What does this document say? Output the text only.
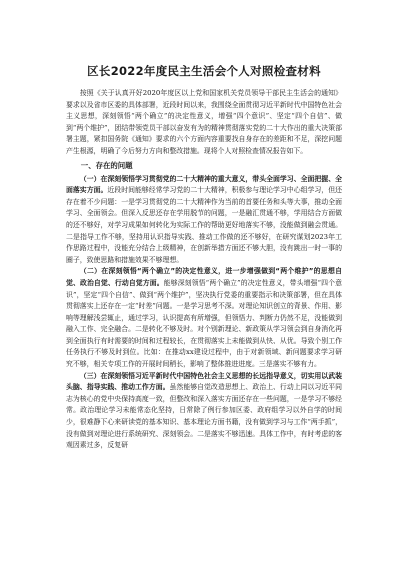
区长2022年度民主生活会个人对照检查材料

按照《关于认真开好2020年度区以上党和国家机关党员领导干部民主生活会的通知》要求以及省市区委的具体部署，近段时间以来，我围绕全面贯彻习近平新时代中国特色社会主义思想，深刻领悟“两个确立”的决定性意义，增强“四个意识”、坚定“四个自信”、做到“两个维护”，团结带领党员干部以奋发有为的精神贯彻落实党的二十大作出的重大决策部署主题，紧扣国务院《通知》要求的六个方面内容重要找自身存在的差距和不足，深挖问题产生根源，明确了今后努力方向和整改措施。现将个人对照检查情况报告如下。

一、存在的问题

（一）在深刻领悟学习贯彻党的二十大精神的重大意义，带头全面学习、全面把握、全面落实方面。近段时间能够经常学习党的二十大精神，积极参与理论学习中心组学习，但还存在着不少问题：一是学习贯彻党的二十大精神作为当前的首要任务和头等大事，推动全面学习、全面领会。但深入反思还存在学用脱节的问题，一是融汇贯通不够，学用结合方面做的还不够好，对学习成果如何转化为实际工作的帮助更好地落实不够，没能做到融会贯通。二是指导工作不够，坚持用认识指导实践、推动工作做的还不够好，在研究谋划2023年工作思路过程中，没能充分结合上级精神，在创新举措方面还不够大胆，没有跳出一时一事的圈子，致使思路和措施效果不够理想。

（二）在深刻领悟“两个确立”的决定性意义，进一步增强做到“两个维护”的思想自觉、政治自觉、行动自觉方面。能够深刻领悟“两个确立”的决定性意义，带头增强“四个意识”，坚定“四个自信”、做到“两个维护”，坚决执行党委的重要指示和决策部署，但在具体贯彻落实上还存在一定“时差”问题。一是学习思考不深。对理论知识创立的背景、作用、影响等理解浅尝辄止，通过学习，认识提高有所增强，但领悟力、判断力仍然不足，没能做到融入工作、完全融合。二是转化不够及时。对个别新理论、新政策从学习领会到自身消化再到全面执行有时需要的时间和过程较长，在贯彻落实上未能做到从快、从优。导致个别工作任务执行不够及时到位。比如：在推动xx建设过程中，由于对新领域、新问题要求学习研究不够，相关专项工作的开展时间稍长，影响了整体推进进度。三是落实不够有力。

（三）在深刻领悟习近平新时代中国特色社会主义思想的长远指导意义，切实用以武装头脑、指导实践、推动工作方面。虽然能够自觉改造思想上、政治上、行动上同以习近平同志为核心的党中央保持高度一致，但整改和深入落实方面还存在一些问题，一是学习不够经常。政治理论学习未能常态化坚持，日常除了例行参加区委、政府组学习以外自学的时间少，很难静下心来研读党的基本知识、基本理论方面书籍，没有做到学习与工作“两手抓”，没有做到对理论进行系统研究、深刻领会。二是落实不够迅速。具体工作中，有时考虑的客观因素过多，反复研
